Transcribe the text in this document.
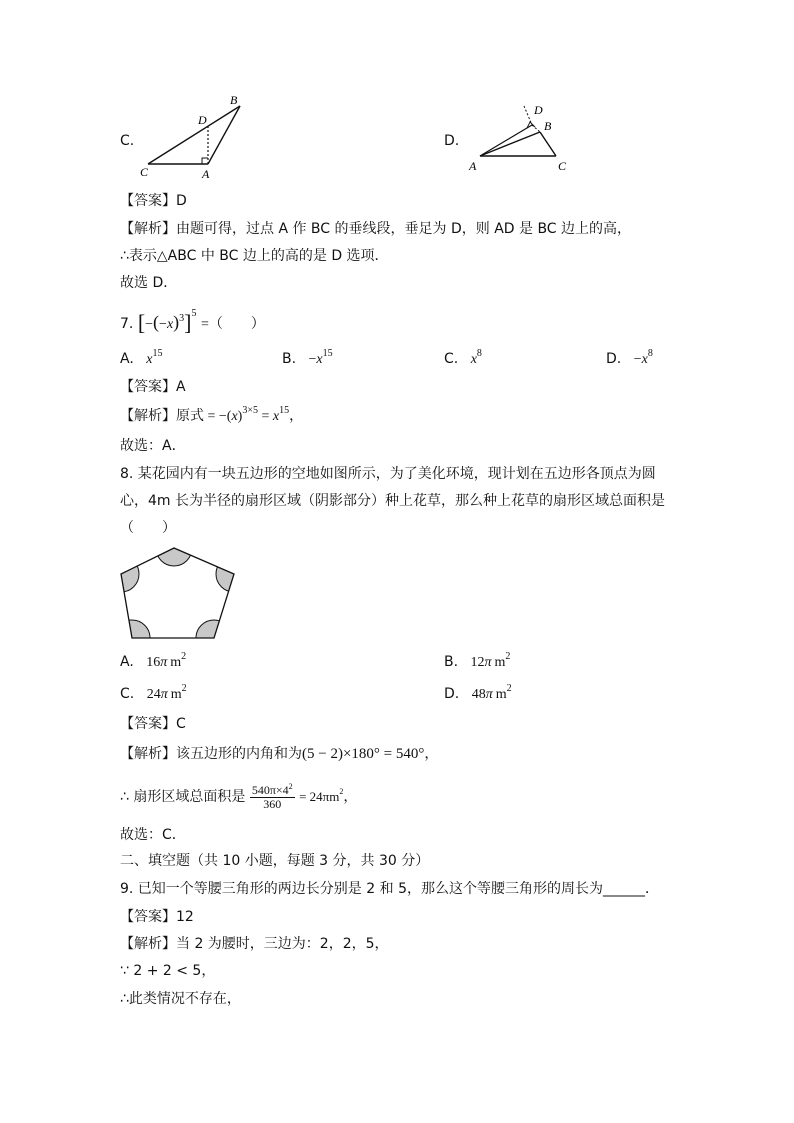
C.
B
D
C	A
D.
D
B
A	C
【答案】D
【解析】由题可得，过点 A 作 BC 的垂线段，垂足为 D，则 AD 是 BC 边上的高，
∴表示△ABC 中 BC 边上的高的是 D 选项．
故选 D．
7. $[-(-x)^3]^5$ =（　　）
A. $x^{15}$	B. $-x^{15}$	C. $x^8$	D. $-x^8$
【答案】A
【解析】原式 = $-(x)^{3\times 5} = x^{15}$，
故选：A．
8. 某花园内有一块五边形的空地如图所示，为了美化环境，现计划在五边形各顶点为圆
心，4m 长为半径的扇形区域（阴影部分）种上花草，那么种上花草的扇形区域总面积是
（　　）
A. 16π $m^2$	B. 12π $m^2$
C. 24π $m^2$	D. 48π $m^2$
【答案】C
【解析】该五边形的内角和为(5 − 2)×180° = 540°，
∴ 扇形区域总面积是 $\frac{540\pi\times 4^2}{360} = 24\pi m^2$，
故选：C．
二、填空题（共 10 小题，每题 3 分，共 30 分）
9. 已知一个等腰三角形的两边长分别是 2 和 5，那么这个等腰三角形的周长为______．
【答案】12
【解析】当 2 为腰时，三边为：2，2，5，
∵ 2 + 2 < 5，
∴此类情况不存在，
